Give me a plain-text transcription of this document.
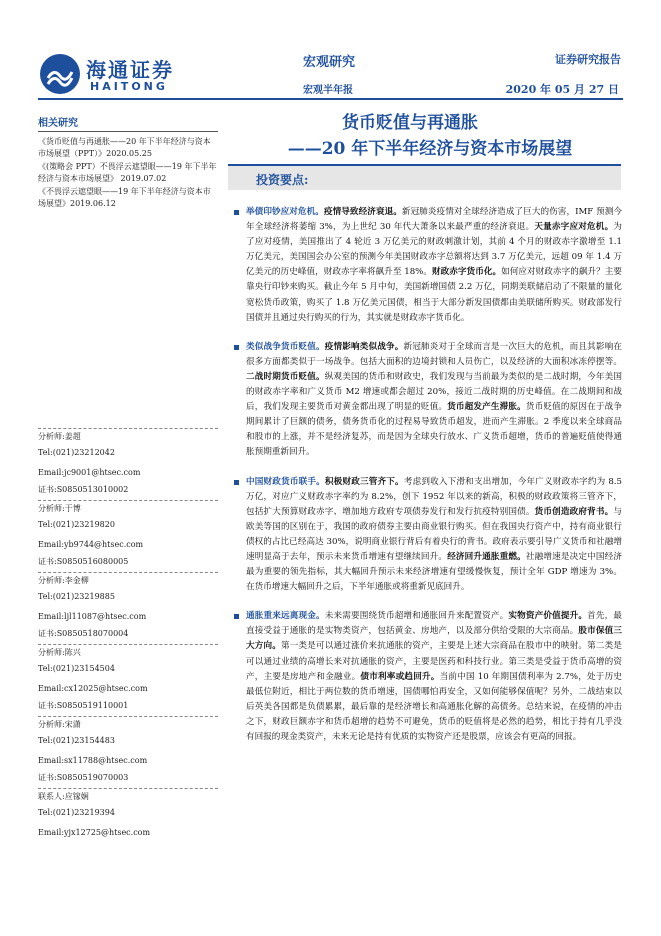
海通证券
HAITONG
宏观研究
宏观半年报
证券研究报告
2020 年 05 月 27 日
相关研究
《货币贬值与再通胀——20 年下半年经济与资本市场展望（PPT）》2020.05.25
《(策略会 PPT）不畏浮云遮望眼——19 年下半年经济与资本市场展望》 2019.07.02
《不畏浮云遮望眼——19 年下半年经济与资本市场展望》2019.06.12
分析师:姜超
Tel:(021)23212042
Email:jc9001@htsec.com
证书:S0850513010002
分析师:于博
Tel:(021)23219820
Email:yb9744@htsec.com
证书:S0850516080005
分析师:李金柳
Tel:(021)23219885
Email:ljl11087@htsec.com
证书:S0850518070004
分析师:陈兴
Tel:(021)23154504
Email:cx12025@htsec.com
证书:S0850519110001
分析师:宋潇
Tel:(021)23154483
Email:sx11788@htsec.com
证书:S0850519070003
联系人:应镓娴
Tel:(021)23219394
Email:yjx12725@htsec.com
货币贬值与再通胀
——20 年下半年经济与资本市场展望
投资要点:

举债印钞应对危机。疫情导致经济衰退。新冠肺炎疫情对全球经济造成了巨大的伤害，IMF 预测今年全球经济将萎缩 3%，为上世纪 30 年代大萧条以来最严重的经济衰退。天量赤字应对危机。为了应对疫情，美国推出了 4 轮近 3 万亿美元的财政刺激计划，其前 4 个月的财政赤字激增至 1.1 万亿美元，美国国会办公室的预测今年美国财政赤字总额将达到 3.7 万亿美元，远超 09 年 1.4 万亿美元的历史峰值，财政赤字率将飙升至 18%。财政赤字货币化。如何应对财政赤字的飙升？主要靠央行印钞来购买。截止今年 5 月中旬，美国新增国债 2.2 万亿，同期美联储启动了不限量的量化宽松货币政策，购买了 1.8 万亿美元国债，相当于大部分新发国债都由美联储所购买。财政部发行国债并且通过央行购买的行为，其实就是财政赤字货币化。

类似战争货币贬值。疫情影响类似战争。新冠肺炎对于全球而言是一次巨大的危机，而且其影响在很多方面都类似于一场战争。包括大面积的边境封锁和人员伤亡，以及经济的大面积冰冻停摆等。二战时期货币贬值。纵观美国的货币和财政史，我们发现与当前最为类似的是二战时期，今年美国的财政赤字率和广义货币 M2 增速或都会超过 20%，接近二战时期的历史峰值。在二战期间和战后，我们发现主要货币对黄金都出现了明显的贬值。货币超发产生滞胀。货币贬值的原因在于战争期间累计了巨额的债务，债务货币化的过程易导致货币超发，进而产生滞胀。2 季度以来全球商品和股市的上涨，并不是经济复苏，而是因为全球央行放水、广义货币超增，货币的普遍贬值使得通胀预期重新回升。

中国财政货币联手。积极财政三管齐下。考虑到收入下滑和支出增加，今年广义财政赤字约为 8.5 万亿，对应广义财政赤字率约为 8.2%，创下 1952 年以来的新高，积极的财政政策将三管齐下，包括扩大预算财政赤字、增加地方政府专项债券发行和发行抗疫特别国债。货币创造政府背书。与欧美等国的区别在于，我国的政府债券主要由商业银行购买。但在我国央行资产中，持有商业银行债权的占比已经高达 30%，说明商业银行背后有着央行的背书。政府表示要引导广义货币和社融增速明显高于去年，预示未来货币增速有望继续回升。经济回升通胀重燃。社融增速是决定中国经济最为重要的领先指标，其大幅回升预示未来经济增速有望缓慢恢复，预计全年 GDP 增速为 3%。在货币增速大幅回升之后，下半年通胀或将重新见底回升。

通胀重来远离现金。未来需要围绕货币超增和通胀回升来配置资产。实物资产价值提升。首先，最直接受益于通胀的是实物类资产，包括黄金、房地产，以及部分供给受限的大宗商品。股市保值三大方向。第一类是可以通过涨价来抗通胀的资产，主要是上述大宗商品在股市中的映射。第二类是可以通过业绩的高增长来对抗通胀的资产，主要是医药和科技行业。第三类是受益于货币高增的资产，主要是房地产和金融业。债市利率或趋回升。当前中国 10 年期国债利率为 2.7%，处于历史最低位附近，相比于两位数的货币增速，国债哪怕再安全，又如何能够保值呢？另外，二战结束以后英美各国都是负债累累，最后靠的是经济增长和高通胀化解的高债务。总结来说，在疫情的冲击之下，财政巨额赤字和货币超增的趋势不可避免，货币的贬值将是必然的趋势，相比于持有几乎没有回报的现金类资产，未来无论是持有优质的实物资产还是股票，应该会有更高的回报。
